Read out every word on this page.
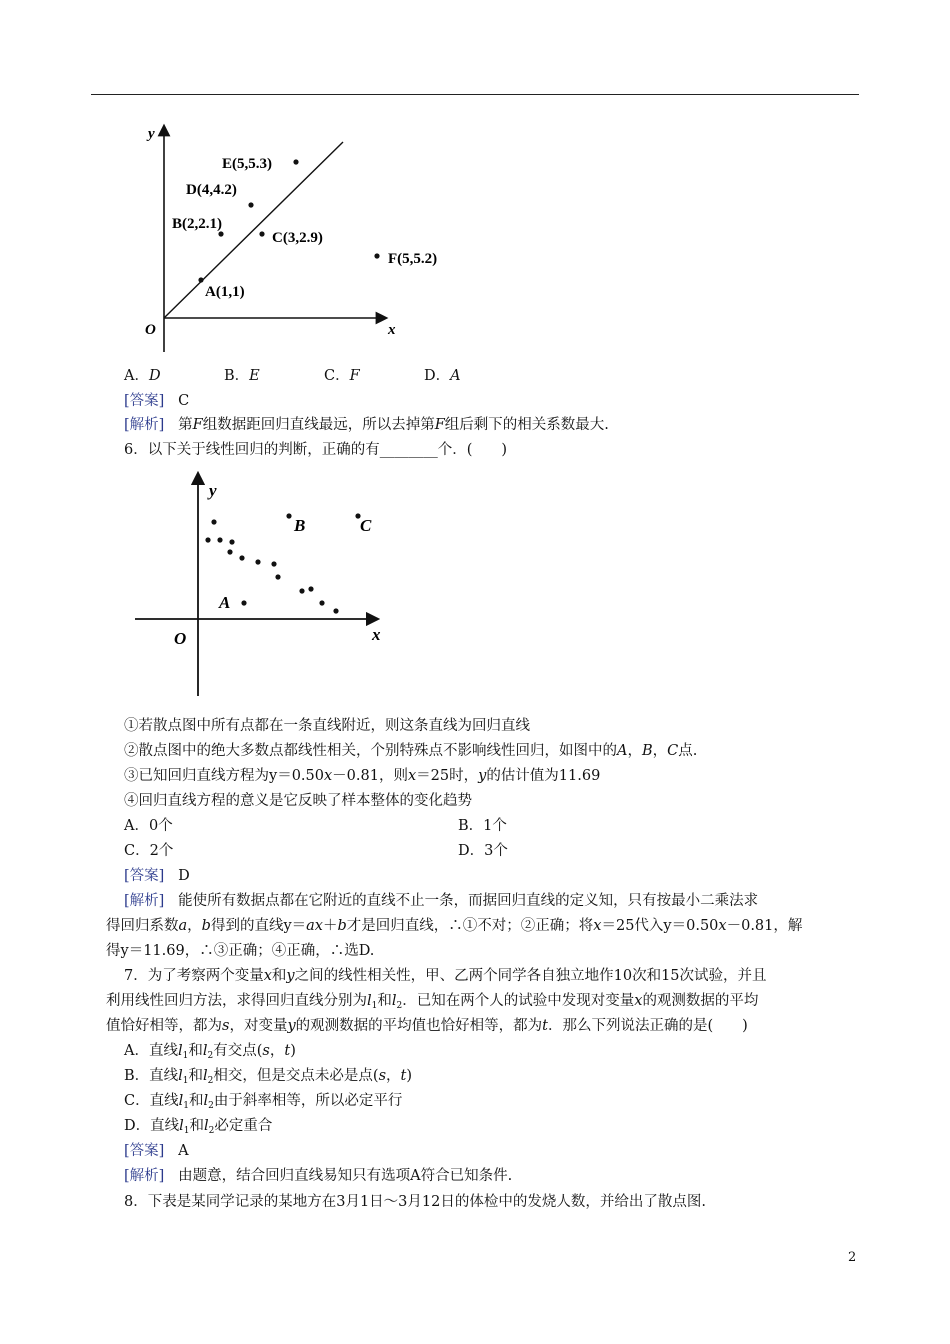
y
x
O
E(5,5.3)
D(4,4.2)
B(2,2.1)
C(3,2.9)
F(5,5.2)
A(1,1)
A．D	B．E	C．F	D．A
[答案] C
[解析] 第F组数据距回归直线最远，所以去掉第F组后剩下的相关系数最大.
6．以下关于线性回归的判断，正确的有________个．(　　)
y
x
O
A
B	C
①若散点图中所有点都在一条直线附近，则这条直线为回归直线
②散点图中的绝大多数点都线性相关，个别特殊点不影响线性回归，如图中的A，B，C点.
③已知回归直线方程为y＝0.50x－0.81，则x＝25时，y的估计值为11.69
④回归直线方程的意义是它反映了样本整体的变化趋势
A．0个	B．1个
C．2个	D．3个
[答案] D
[解析] 能使所有数据点都在它附近的直线不止一条，而据回归直线的定义知，只有按最小二乘法求
得回归系数a，b得到的直线y＝ax＋b才是回归直线，∴①不对；②正确；将x＝25代入y＝0.50x－0.81，解
得y＝11.69，∴③正确；④正确，∴选D.
7．为了考察两个变量x和y之间的线性相关性，甲、乙两个同学各自独立地作10次和15次试验，并且
利用线性回归方法，求得回归直线分别为$l_1$和$l_2$．已知在两个人的试验中发现对变量x的观测数据的平均
值恰好相等，都为s，对变量y的观测数据的平均值也恰好相等，都为t．那么下列说法正确的是(　　)
A．直线$l_1$和$l_2$有交点(s，t)
B．直线$l_1$和$l_2$相交，但是交点未必是点(s，t)
C．直线$l_1$和$l_2$由于斜率相等，所以必定平行
D．直线$l_1$和$l_2$必定重合
[答案] A
[解析] 由题意，结合回归直线易知只有选项A符合已知条件.
8．下表是某同学记录的某地方在3月1日～3月12日的体检中的发烧人数，并给出了散点图.
2
